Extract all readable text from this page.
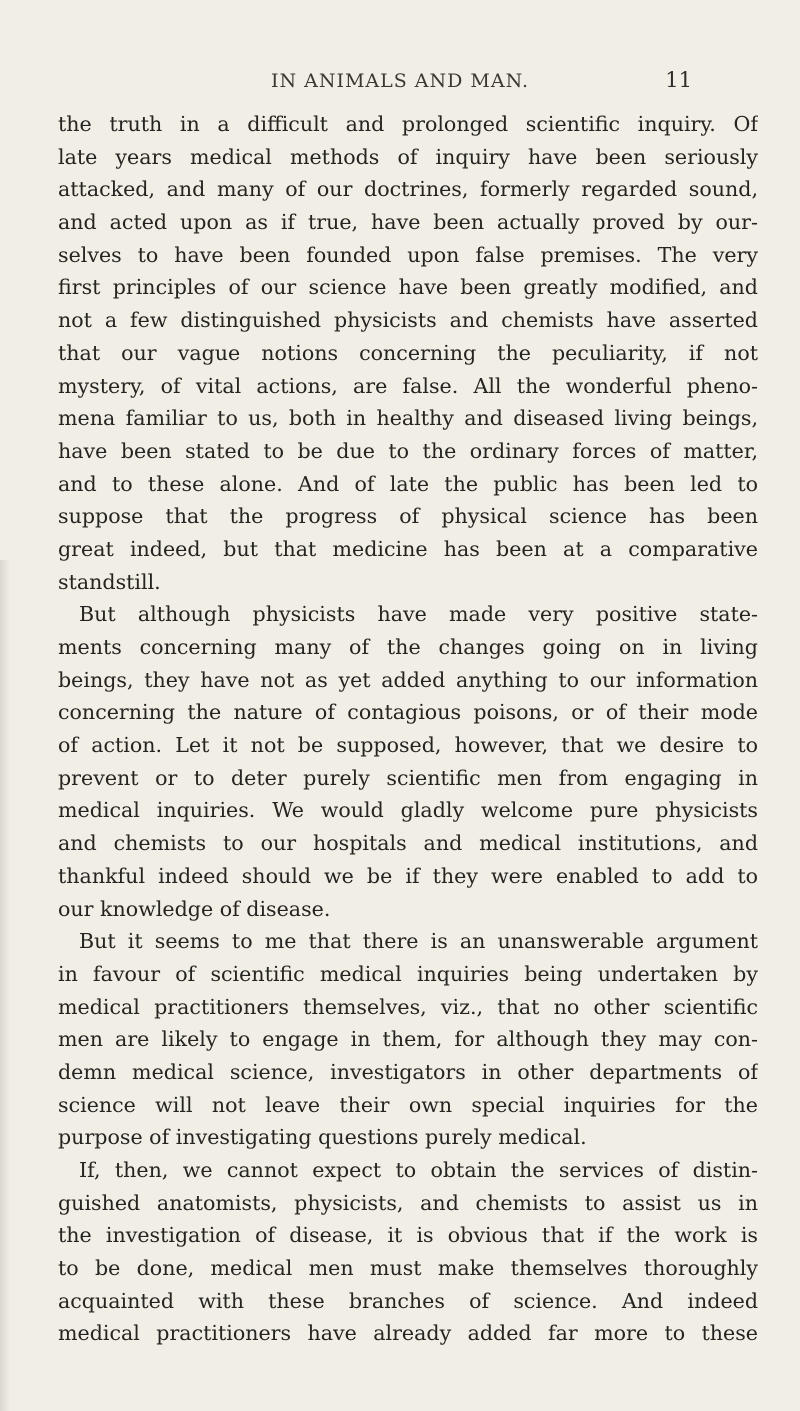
IN ANIMALS AND MAN.	11
the truth in a difficult and prolonged scientific inquiry. Of
late years medical methods of inquiry have been seriously
attacked, and many of our doctrines, formerly regarded sound,
and acted upon as if true, have been actually proved by our-
selves to have been founded upon false premises. The very
first principles of our science have been greatly modified, and
not a few distinguished physicists and chemists have asserted
that our vague notions concerning the peculiarity, if not
mystery, of vital actions, are false. All the wonderful pheno-
mena familiar to us, both in healthy and diseased living beings,
have been stated to be due to the ordinary forces of matter,
and to these alone. And of late the public has been led to
suppose that the progress of physical science has been
great indeed, but that medicine has been at a comparative
standstill.
But although physicists have made very positive state-
ments concerning many of the changes going on in living
beings, they have not as yet added anything to our information
concerning the nature of contagious poisons, or of their mode
of action. Let it not be supposed, however, that we desire to
prevent or to deter purely scientific men from engaging in
medical inquiries. We would gladly welcome pure physicists
and chemists to our hospitals and medical institutions, and
thankful indeed should we be if they were enabled to add to
our knowledge of disease.
But it seems to me that there is an unanswerable argument
in favour of scientific medical inquiries being undertaken by
medical practitioners themselves, viz., that no other scientific
men are likely to engage in them, for although they may con-
demn medical science, investigators in other departments of
science will not leave their own special inquiries for the
purpose of investigating questions purely medical.
If, then, we cannot expect to obtain the services of distin-
guished anatomists, physicists, and chemists to assist us in
the investigation of disease, it is obvious that if the work is
to be done, medical men must make themselves thoroughly
acquainted with these branches of science. And indeed
medical practitioners have already added far more to these
